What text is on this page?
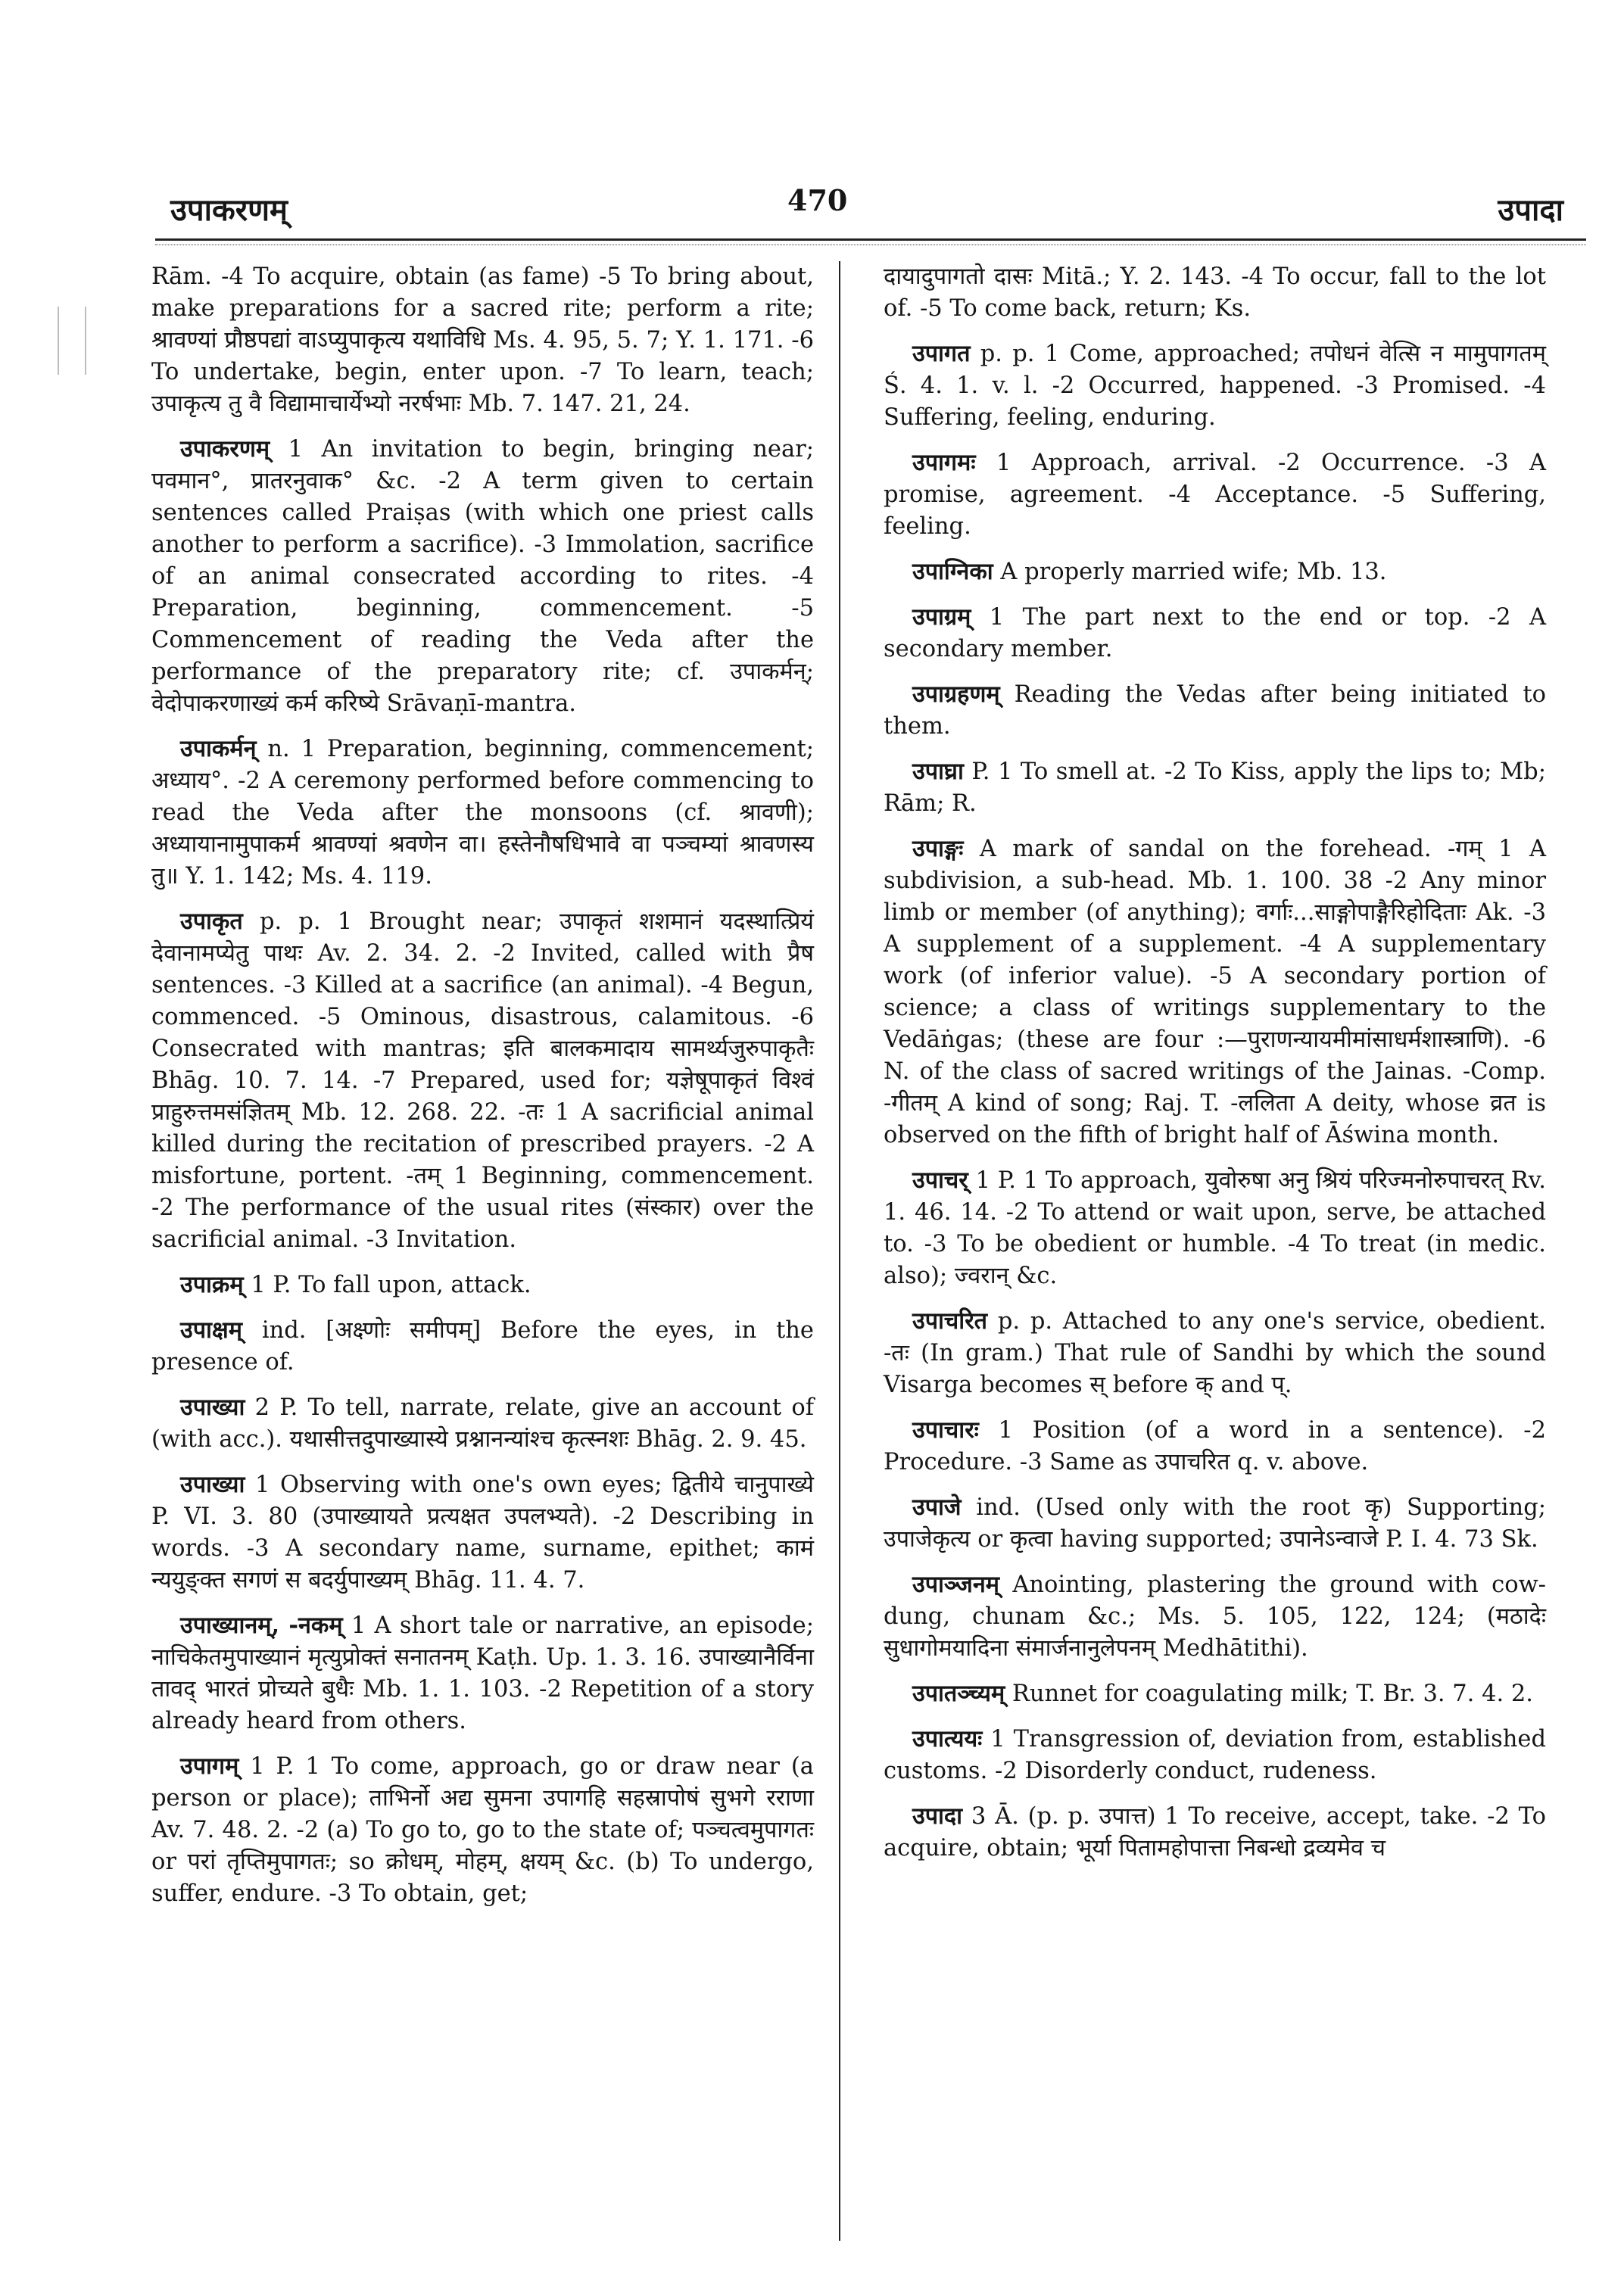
उपाकरणम्	470	उपादा

Rām. -4 To acquire, obtain (as fame) -5 To bring about, make preparations for a sacred rite; perform a rite; श्रावण्यां प्रौष्ठपद्यां वाऽप्युपाकृत्य यथाविधि Ms. 4. 95, 5. 7; Y. 1. 171. -6 To undertake, begin, enter upon. -7 To learn, teach; उपाकृत्य तु वै विद्यामाचार्येभ्यो नरर्षभाः Mb. 7. 147. 21, 24.

उपाकरणम् 1 An invitation to begin, bringing near; पवमान°, प्रातरनुवाक° &c. -2 A term given to certain sentences called Praiṣas (with which one priest calls another to perform a sacrifice). -3 Immolation, sacrifice of an animal consecrated according to rites. -4 Preparation, beginning, commencement. -5 Commencement of reading the Veda after the performance of the preparatory rite; cf. उपाकर्मन्; वेदोपाकरणाख्यं कर्म करिष्ये Srāvaṇī-mantra.

उपाकर्मन् n. 1 Preparation, beginning, commencement; अध्याय°. -2 A ceremony performed before commencing to read the Veda after the monsoons (cf. श्रावणी); अध्यायानामुपाकर्म श्रावण्यां श्रवणेन वा। हस्तेनौषधिभावे वा पञ्चम्यां श्रावणस्य तु॥ Y. 1. 142; Ms. 4. 119.

उपाकृत p. p. 1 Brought near; उपाकृतं शशमानं यदस्थात्प्रियं देवानामप्येतु पाथः Av. 2. 34. 2. -2 Invited, called with प्रैष sentences. -3 Killed at a sacrifice (an animal). -4 Begun, commenced. -5 Ominous, disastrous, calamitous. -6 Consecrated with mantras; इति बालकमादाय सामर्थ्यजुरुपाकृतैः Bhāg. 10. 7. 14. -7 Prepared, used for; यज्ञेषूपाकृतं विश्वं प्राहुरुत्तमसंज्ञितम् Mb. 12. 268. 22. -तः 1 A sacrificial animal killed during the recitation of prescribed prayers. -2 A misfortune, portent. -तम् 1 Beginning, commencement. -2 The performance of the usual rites (संस्कार) over the sacrificial animal. -3 Invitation.

उपाक्रम् 1 P. To fall upon, attack.

उपाक्षम् ind. [अक्ष्णोः समीपम्] Before the eyes, in the presence of.

उपाख्या 2 P. To tell, narrate, relate, give an account of (with acc.). यथासीत्तदुपाख्यास्ये प्रश्नानन्यांश्च कृत्स्नशः Bhāg. 2. 9. 45.

उपाख्या 1 Observing with one's own eyes; द्वितीये चानुपाख्ये P. VI. 3. 80 (उपाख्यायते प्रत्यक्षत उपलभ्यते). -2 Describing in words. -3 A secondary name, surname, epithet; कामं न्ययुङ्क्त सगणं स बदर्युपाख्यम् Bhāg. 11. 4. 7.

उपाख्यानम्, -नकम् 1 A short tale or narrative, an episode; नाचिकेतमुपाख्यानं मृत्युप्रोक्तं सनातनम् Kaṭh. Up. 1. 3. 16. उपाख्यानैर्विना तावद् भारतं प्रोच्यते बुधैः Mb. 1. 1. 103. -2 Repetition of a story already heard from others.

उपागम् 1 P. 1 To come, approach, go or draw near (a person or place); ताभिर्नो अद्य सुमना उपागहि सहस्रापोषं सुभगे रराणा Av. 7. 48. 2. -2 (a) To go to, go to the state of; पञ्चत्वमुपागतः or परां तृप्तिमुपागतः; so क्रोधम्, मोहम्, क्षयम् &c. (b) To undergo, suffer, endure. -3 To obtain, get;

दायादुपागतो दासः Mitā.; Y. 2. 143. -4 To occur, fall to the lot of. -5 To come back, return; Ks.

उपागत p. p. 1 Come, approached; तपोधनं वेत्सि न मामुपागतम् Ś. 4. 1. v. l. -2 Occurred, happened. -3 Promised. -4 Suffering, feeling, enduring.

उपागमः 1 Approach, arrival. -2 Occurrence. -3 A promise, agreement. -4 Acceptance. -5 Suffering, feeling.

उपाग्निका A properly married wife; Mb. 13.

उपाग्रम् 1 The part next to the end or top. -2 A secondary member.

उपाग्रहणम् Reading the Vedas after being initiated to them.

उपाघ्रा P. 1 To smell at. -2 To Kiss, apply the lips to; Mb; Rām; R.

उपाङ्गः A mark of sandal on the forehead. -गम् 1 A subdivision, a sub-head. Mb. 1. 100. 38 -2 Any minor limb or member (of anything); वर्गाः...साङ्गोपाङ्गैरिहोदिताः Ak. -3 A supplement of a supplement. -4 A supplementary work (of inferior value). -5 A secondary portion of science; a class of writings supplementary to the Vedāṅgas; (these are four :—पुराणन्यायमीमांसाधर्मशास्त्राणि). -6 N. of the class of sacred writings of the Jainas. -Comp. -गीतम् A kind of song; Raj. T. -ललिता A deity, whose व्रत is observed on the fifth of bright half of Āświna month.

उपाचर् 1 P. 1 To approach, युवोरुषा अनु श्रियं परिज्मनोरुपाचरत् Rv. 1. 46. 14. -2 To attend or wait upon, serve, be attached to. -3 To be obedient or humble. -4 To treat (in medic. also); ज्वरान् &c.

उपाचरित p. p. Attached to any one's service, obedient. -तः (In gram.) That rule of Sandhi by which the sound Visarga becomes स् before क् and प्.

उपाचारः 1 Position (of a word in a sentence). -2 Procedure. -3 Same as उपाचरित q. v. above.

उपाजे ind. (Used only with the root कृ) Supporting; उपाजेकृत्य or कृत्वा having supported; उपानेऽन्वाजे P. I. 4. 73 Sk.

उपाञ्जनम् Anointing, plastering the ground with cow-dung, chunam &c.; Ms. 5. 105, 122, 124; (मठादेः सुधागोमयादिना संमार्जनानुलेपनम् Medhātithi).

उपातञ्च्यम् Runnet for coagulating milk; T. Br. 3. 7. 4. 2.

उपात्ययः 1 Transgression of, deviation from, established customs. -2 Disorderly conduct, rudeness.

उपादा 3 Ā. (p. p. उपात्त) 1 To receive, accept, take. -2 To acquire, obtain; भूर्या पितामहोपात्ता निबन्धो द्रव्यमेव च
